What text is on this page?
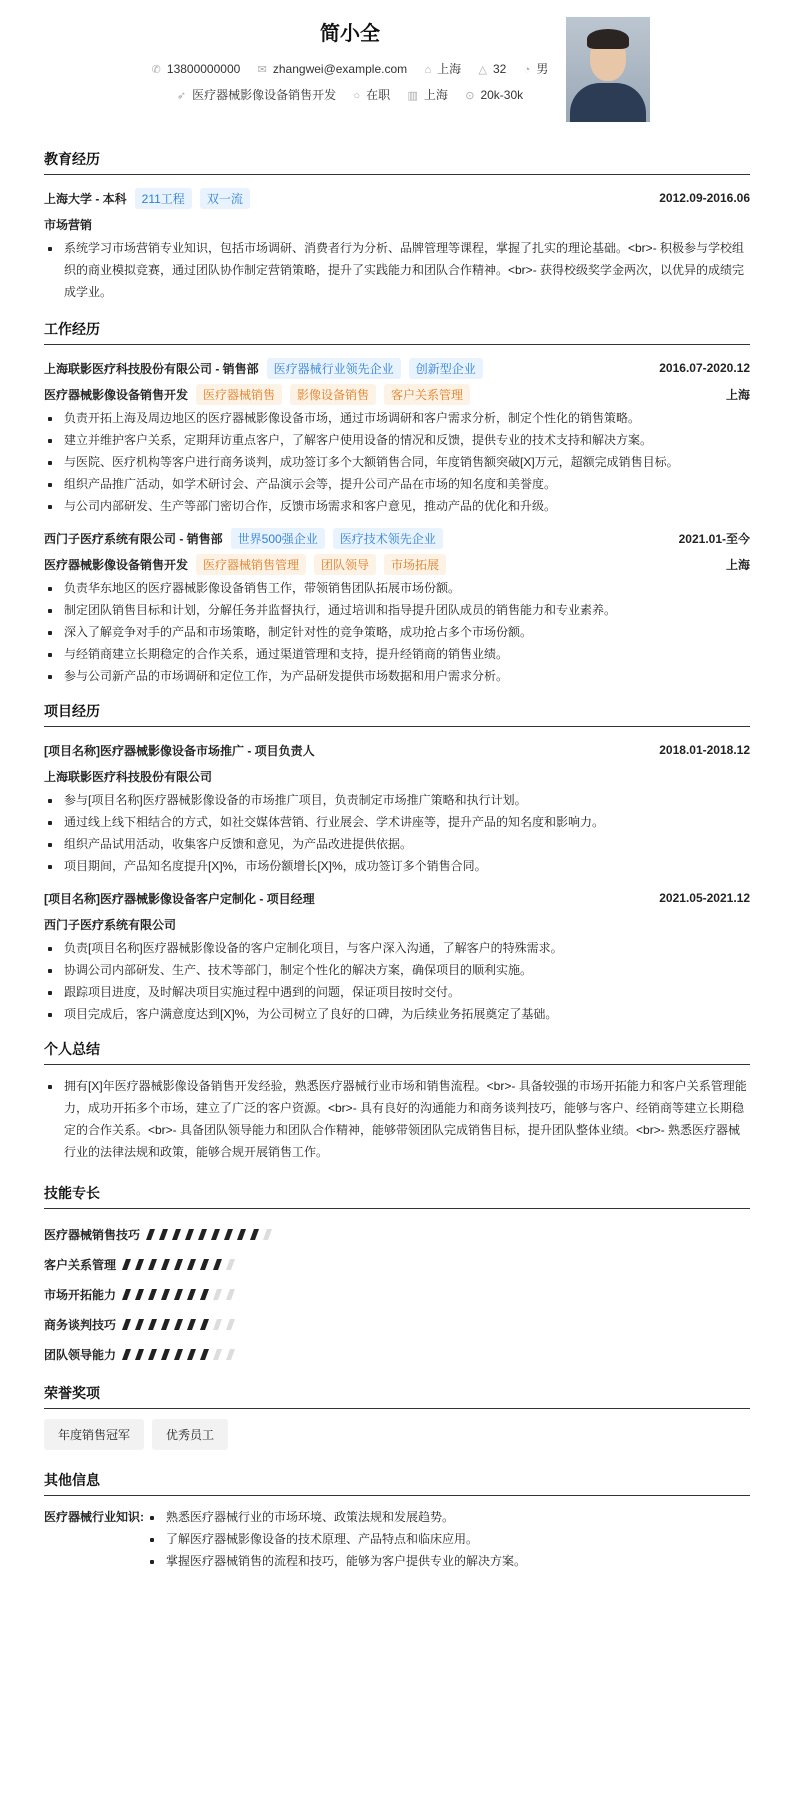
简小全
✆ 13800000000 ✉ zhangwei@example.com ⌂ 上海 △ 32 ◔ 男
➶ 医疗器械影像设备销售开发 ○ 在职 ▥ 上海 ⊙ 20k-30k
教育经历
上海大学 - 本科	211工程	双一流	2012.09-2016.06
市场营销
系统学习市场营销专业知识，包括市场调研、消费者行为分析、品牌管理等课程，掌握了扎实的理论基础。<br>- 积极参与学校组织的商业模拟竞赛，通过团队协作制定营销策略，提升了实践能力和团队合作精神。<br>- 获得校级奖学金两次，以优异的成绩完成学业。
工作经历
上海联影医疗科技股份有限公司 - 销售部	医疗器械行业领先企业	创新型企业	2016.07-2020.12
医疗器械影像设备销售开发	医疗器械销售	影像设备销售	客户关系管理	上海
负责开拓上海及周边地区的医疗器械影像设备市场，通过市场调研和客户需求分析，制定个性化的销售策略。
建立并维护客户关系，定期拜访重点客户，了解客户使用设备的情况和反馈，提供专业的技术支持和解决方案。
与医院、医疗机构等客户进行商务谈判，成功签订多个大额销售合同，年度销售额突破[X]万元，超额完成销售目标。
组织产品推广活动，如学术研讨会、产品演示会等，提升公司产品在市场的知名度和美誉度。
与公司内部研发、生产等部门密切合作，反馈市场需求和客户意见，推动产品的优化和升级。
西门子医疗系统有限公司 - 销售部	世界500强企业	医疗技术领先企业	2021.01-至今
医疗器械影像设备销售开发	医疗器械销售管理	团队领导	市场拓展	上海
负责华东地区的医疗器械影像设备销售工作，带领销售团队拓展市场份额。
制定团队销售目标和计划，分解任务并监督执行，通过培训和指导提升团队成员的销售能力和专业素养。
深入了解竞争对手的产品和市场策略，制定针对性的竞争策略，成功抢占多个市场份额。
与经销商建立长期稳定的合作关系，通过渠道管理和支持，提升经销商的销售业绩。
参与公司新产品的市场调研和定位工作，为产品研发提供市场数据和用户需求分析。
项目经历
[项目名称]医疗器械影像设备市场推广 - 项目负责人	2018.01-2018.12
上海联影医疗科技股份有限公司
参与[项目名称]医疗器械影像设备的市场推广项目，负责制定市场推广策略和执行计划。
通过线上线下相结合的方式，如社交媒体营销、行业展会、学术讲座等，提升产品的知名度和影响力。
组织产品试用活动，收集客户反馈和意见，为产品改进提供依据。
项目期间，产品知名度提升[X]%，市场份额增长[X]%，成功签订多个销售合同。
[项目名称]医疗器械影像设备客户定制化 - 项目经理	2021.05-2021.12
西门子医疗系统有限公司
负责[项目名称]医疗器械影像设备的客户定制化项目，与客户深入沟通，了解客户的特殊需求。
协调公司内部研发、生产、技术等部门，制定个性化的解决方案，确保项目的顺利实施。
跟踪项目进度，及时解决项目实施过程中遇到的问题，保证项目按时交付。
项目完成后，客户满意度达到[X]%，为公司树立了良好的口碑，为后续业务拓展奠定了基础。
个人总结
拥有[X]年医疗器械影像设备销售开发经验，熟悉医疗器械行业市场和销售流程。<br>- 具备较强的市场开拓能力和客户关系管理能力，成功开拓多个市场，建立了广泛的客户资源。<br>- 具有良好的沟通能力和商务谈判技巧，能够与客户、经销商等建立长期稳定的合作关系。<br>- 具备团队领导能力和团队合作精神，能够带领团队完成销售目标，提升团队整体业绩。<br>- 熟悉医疗器械行业的法律法规和政策，能够合规开展销售工作。
技能专长
医疗器械销售技巧
客户关系管理
市场开拓能力
商务谈判技巧
团队领导能力
荣誉奖项
年度销售冠军	优秀员工
其他信息
医疗器械行业知识:	熟悉医疗器械行业的市场环境、政策法规和发展趋势。
了解医疗器械影像设备的技术原理、产品特点和临床应用。
掌握医疗器械销售的流程和技巧，能够为客户提供专业的解决方案。
